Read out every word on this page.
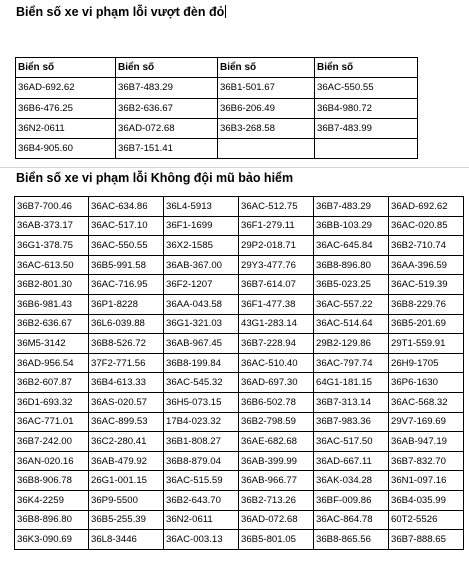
Biển số xe vi phạm lỗi vượt đèn đỏ
Biển số	Biển số	Biển số	Biển số
36AD-692.62	36B7-483.29	36B1-501.67	36AC-550.55
36B6-476.25	36B2-636.67	36B6-206.49	36B4-980.72
36N2-0611	36AD-072.68	36B3-268.58	36B7-483.99
36B4-905.60	36B7-151.41		
Biển số xe vi phạm lỗi Không đội mũ bảo hiểm
36B7-700.46	36AC-634.86	36L4-5913	36AC-512.75	36B7-483.29	36AD-692.62
36AB-373.17	36AC-517.10	36F1-1699	36F1-279.11	36BB-103.29	36AC-020.85
36G1-378.75	36AC-550.55	36X2-1585	29P2-018.71	36AC-645.84	36B2-710.74
36AC-613.50	36B5-991.58	36AB-367.00	29Y3-477.76	36B8-896.80	36AA-396.59
36B2-801.30	36AC-716.95	36F2-1207	36B7-614.07	36B5-023.25	36AC-519.39
36B6-981.43	36P1-8228	36AA-043.58	36F1-477.38	36AC-557.22	36B8-229.76
36B2-636.67	36L6-039.88	36G1-321.03	43G1-283.14	36AC-514.64	36B5-201.69
36M5-3142	36B8-526.72	36AB-967.45	36B7-228.94	29B2-129.86	29T1-559.91
36AD-956.54	37F2-771.56	36B8-199.84	36AC-510.40	36AC-797.74	26H9-1705
36B2-607.87	36B4-613.33	36AC-545.32	36AD-697.30	64G1-181.15	36P6-1630
36D1-693.32	36AS-020.57	36H5-073.15	36B6-502.78	36B7-313.14	36AC-568.32
36AC-771.01	36AC-899.53	17B4-023.32	36B2-798.59	36B7-983.36	29V7-169.69
36B7-242.00	36C2-280.41	36B1-808.27	36AE-682.68	36AC-517.50	36AB-947.19
36AN-020.16	36AB-479.92	36B8-879.04	36AB-399.99	36AD-667.11	36B7-832.70
36B8-906.78	26G1-001.15	36AC-515.59	36AB-966.77	36AK-034.28	36N1-097.16
36K4-2259	36P9-5500	36B2-643.70	36B2-713.26	36BF-009.86	36B4-035.99
36B8-896.80	36B5-255.39	36N2-0611	36AD-072.68	36AC-864.78	60T2-5526
36K3-090.69	36L8-3446	36AC-003.13	36B5-801.05	36B8-865.56	36B7-888.65
